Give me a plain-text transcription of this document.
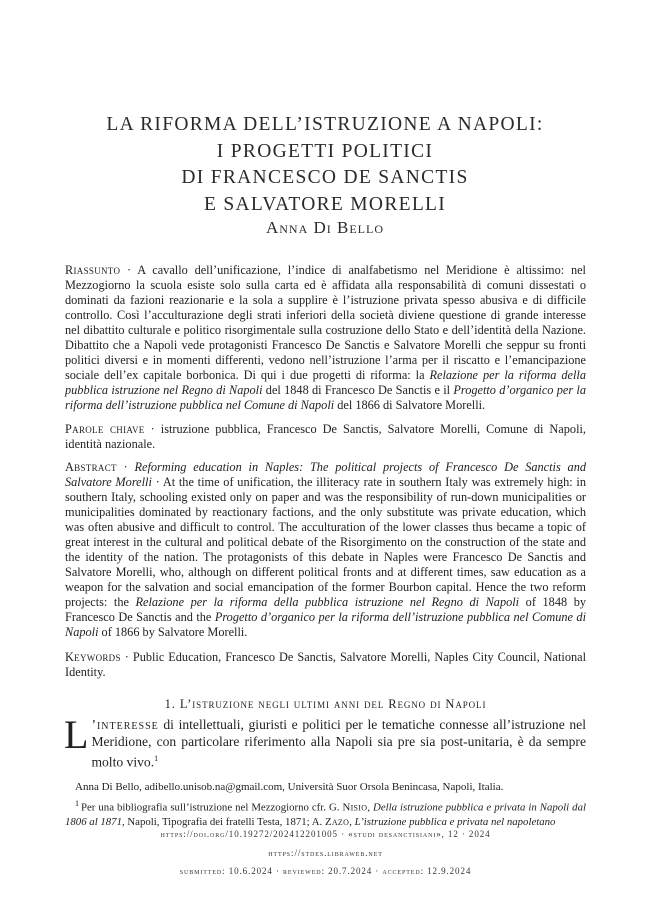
LA RIFORMA DELL’ISTRUZIONE A NAPOLI:
I PROGETTI POLITICI
DI FRANCESCO DE SANCTIS
E SALVATORE MORELLI
Anna Di Bello
Riassunto · A cavallo dell’unificazione, l’indice di analfabetismo nel Meridione è altissimo: nel Mezzogiorno la scuola esiste solo sulla carta ed è affidata alla responsabilità di comuni dissestati o dominati da fazioni reazionarie e la sola a supplire è l’istruzione privata spesso abusiva e di difficile controllo. Così l’acculturazione degli strati inferiori della società diviene questione di grande interesse nel dibattito culturale e politico risorgimentale sulla costruzione dello Stato e dell’identità della Nazione. Dibattito che a Napoli vede protagonisti Francesco De Sanctis e Salvatore Morelli che seppur su fronti politici diversi e in momenti differenti, vedono nell’istruzione l’arma per il riscatto e l’emancipazione sociale dell’ex capitale borbonica. Di qui i due progetti di riforma: la Relazione per la riforma della pubblica istruzione nel Regno di Napoli del 1848 di Francesco De Sanctis e il Progetto d’organico per la riforma dell’istruzione pubblica nel Comune di Napoli del 1866 di Salvatore Morelli.
Parole chiave · istruzione pubblica, Francesco De Sanctis, Salvatore Morelli, Comune di Napoli, identità nazionale.
Abstract · Reforming education in Naples: The political projects of Francesco De Sanctis and Salvatore Morelli · At the time of unification, the illiteracy rate in southern Italy was extremely high: in southern Italy, schooling existed only on paper and was the responsibility of run-down municipalities or municipalities dominated by reactionary factions, and the only substitute was private education, which was often abusive and difficult to control. The acculturation of the lower classes thus became a topic of great interest in the cultural and political debate of the Risorgimento on the construction of the state and the identity of the nation. The protagonists of this debate in Naples were Francesco De Sanctis and Salvatore Morelli, who, although on different political fronts and at different times, saw education as a weapon for the salvation and social emancipation of the former Bourbon capital. Hence the two reform projects: the Relazione per la riforma della pubblica istruzione nel Regno di Napoli of 1848 by Francesco De Sanctis and the Progetto d’organico per la riforma dell’istruzione pubblica nel Comune di Napoli of 1866 by Salvatore Morelli.
Keywords · Public Education, Francesco De Sanctis, Salvatore Morelli, Naples City Council, National Identity.
1. L’istruzione negli ultimi anni del Regno di Napoli
L ’interesse di intellettuali, giuristi e politici per le tematiche connesse all’istruzione nel Meridione, con particolare riferimento alla Napoli sia pre sia post-unitaria, è da sempre molto vivo.$^1$
Anna Di Bello, adibello.unisob.na@gmail.com, Università Suor Orsola Benincasa, Napoli, Italia.
$^1$ Per una bibliografia sull’istruzione nel Mezzogiorno cfr. G. Nisio, Della istruzione pubblica e privata in Napoli dal 1806 al 1871, Napoli, Tipografia dei fratelli Testa, 1871; A. Zazo, L’istruzione pubblica e privata nel napoletano
https://doi.org/10.19272/202412201005 · «studi desanctisiani», 12 · 2024
https://stdes.libraweb.net
submitted: 10.6.2024 · reviewed: 20.7.2024 · accepted: 12.9.2024
